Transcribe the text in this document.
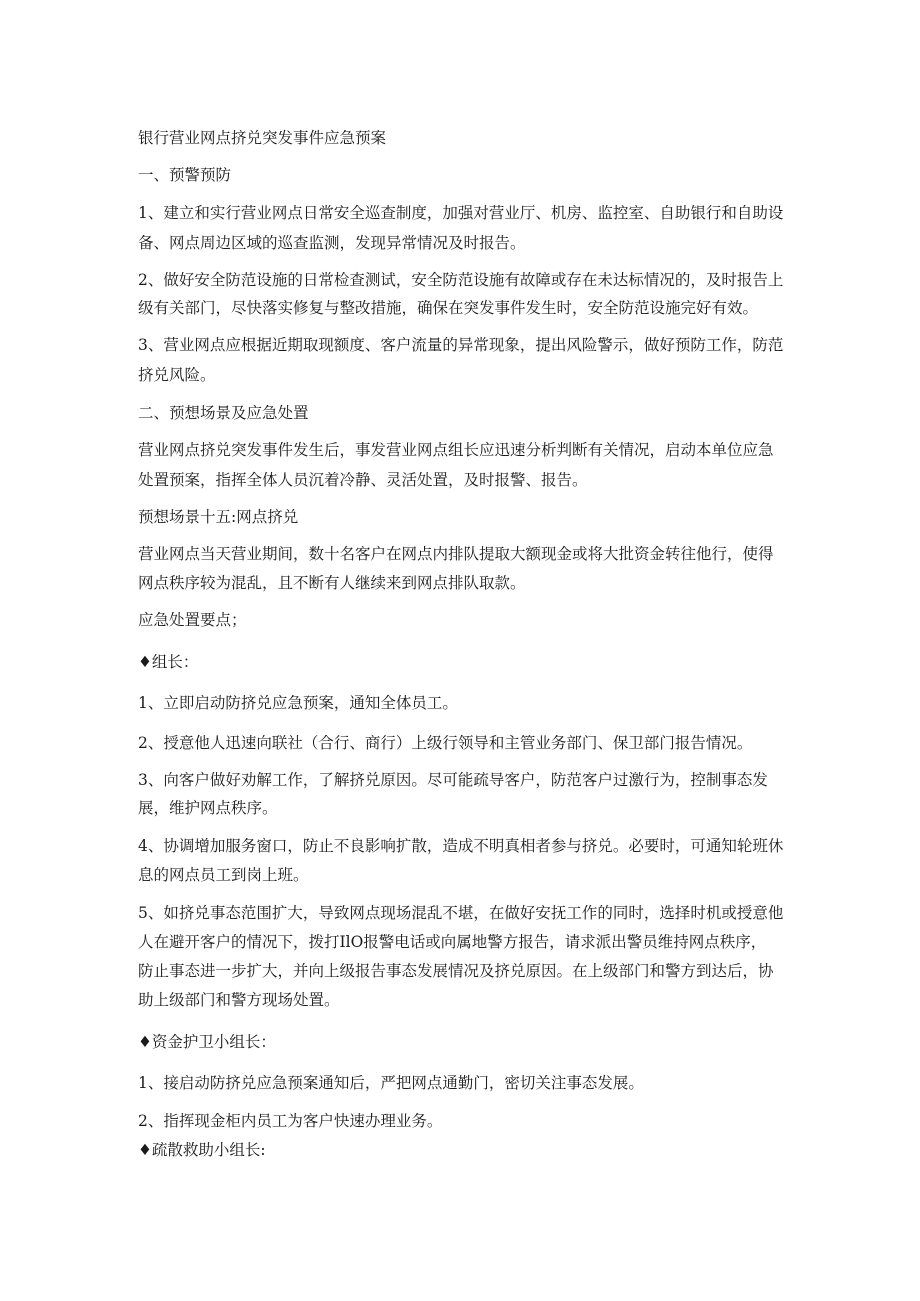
银行营业网点挤兑突发事件应急预案
一、预警预防
1、建立和实行营业网点日常安全巡查制度，加强对营业厅、机房、监控室、自助银行和自助设
备、网点周边区域的巡查监测，发现异常情况及时报告。
2、做好安全防范设施的日常检查测试，安全防范设施有故障或存在未达标情况的，及时报告上
级有关部门，尽快落实修复与整改措施，确保在突发事件发生时，安全防范设施完好有效。
3、营业网点应根据近期取现额度、客户流量的异常现象，提出风险警示，做好预防工作，防范
挤兑风险。
二、预想场景及应急处置
营业网点挤兑突发事件发生后，事发营业网点组长应迅速分析判断有关情况，启动本单位应急
处置预案，指挥全体人员沉着冷静、灵活处置，及时报警、报告。
预想场景十五:网点挤兑
营业网点当天营业期间，数十名客户在网点内排队提取大额现金或将大批资金转往他行，使得
网点秩序较为混乱，且不断有人继续来到网点排队取款。
应急处置要点；
♦组长：
1、立即启动防挤兑应急预案，通知全体员工。
2、授意他人迅速向联社（合行、商行）上级行领导和主管业务部门、保卫部门报告情况。
3、向客户做好劝解工作，了解挤兑原因。尽可能疏导客户，防范客户过激行为，控制事态发
展，维护网点秩序。
4、协调增加服务窗口，防止不良影响扩散，造成不明真相者参与挤兑。必要时，可通知轮班休
息的网点员工到岗上班。
5、如挤兑事态范围扩大，导致网点现场混乱不堪，在做好安抚工作的同时，选择时机或授意他
人在避开客户的情况下，拨打IlO报警电话或向属地警方报告，请求派出警员维持网点秩序，
防止事态进一步扩大，并向上级报告事态发展情况及挤兑原因。在上级部门和警方到达后，协
助上级部门和警方现场处置。
♦资金护卫小组长：
1、接启动防挤兑应急预案通知后，严把网点通勤门，密切关注事态发展。
2、指挥现金柜内员工为客户快速办理业务。
♦疏散救助小组长:
